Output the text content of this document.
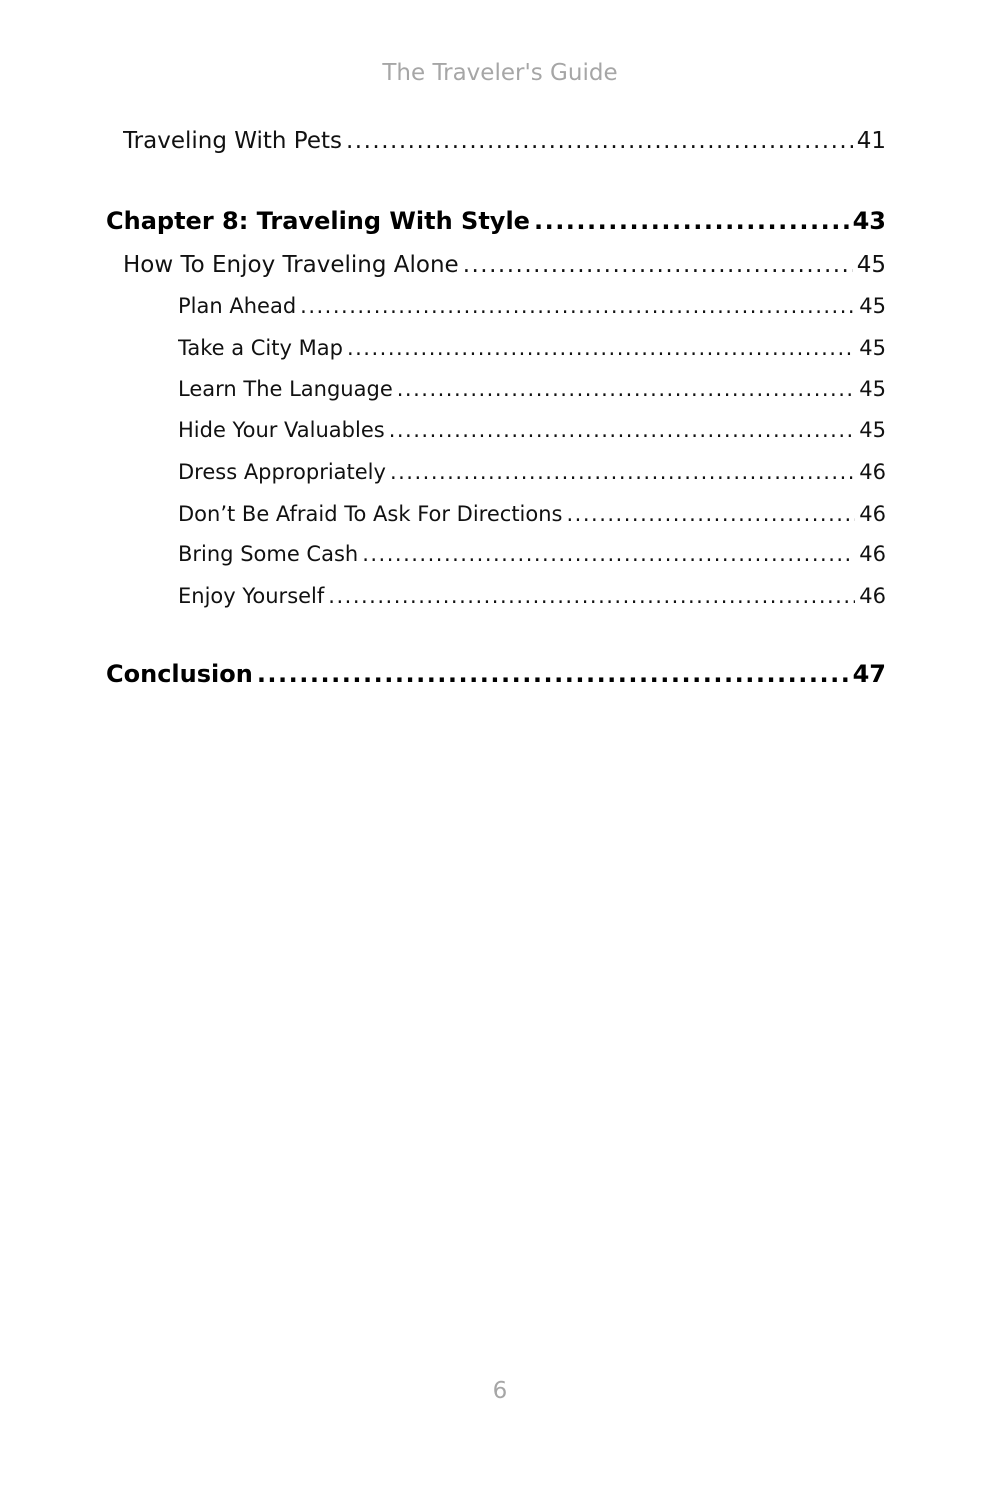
The Traveler's Guide
Traveling With Pets .....	41
Chapter 8: Traveling With Style .....	43
How To Enjoy Traveling Alone .....	45
Plan Ahead .....	45
Take a City Map .....	45
Learn The Language .....	45
Hide Your Valuables .....	45
Dress Appropriately .....	46
Don’t Be Afraid To Ask For Directions .....	46
Bring Some Cash .....	46
Enjoy Yourself .....	46
Conclusion .....	47
6
